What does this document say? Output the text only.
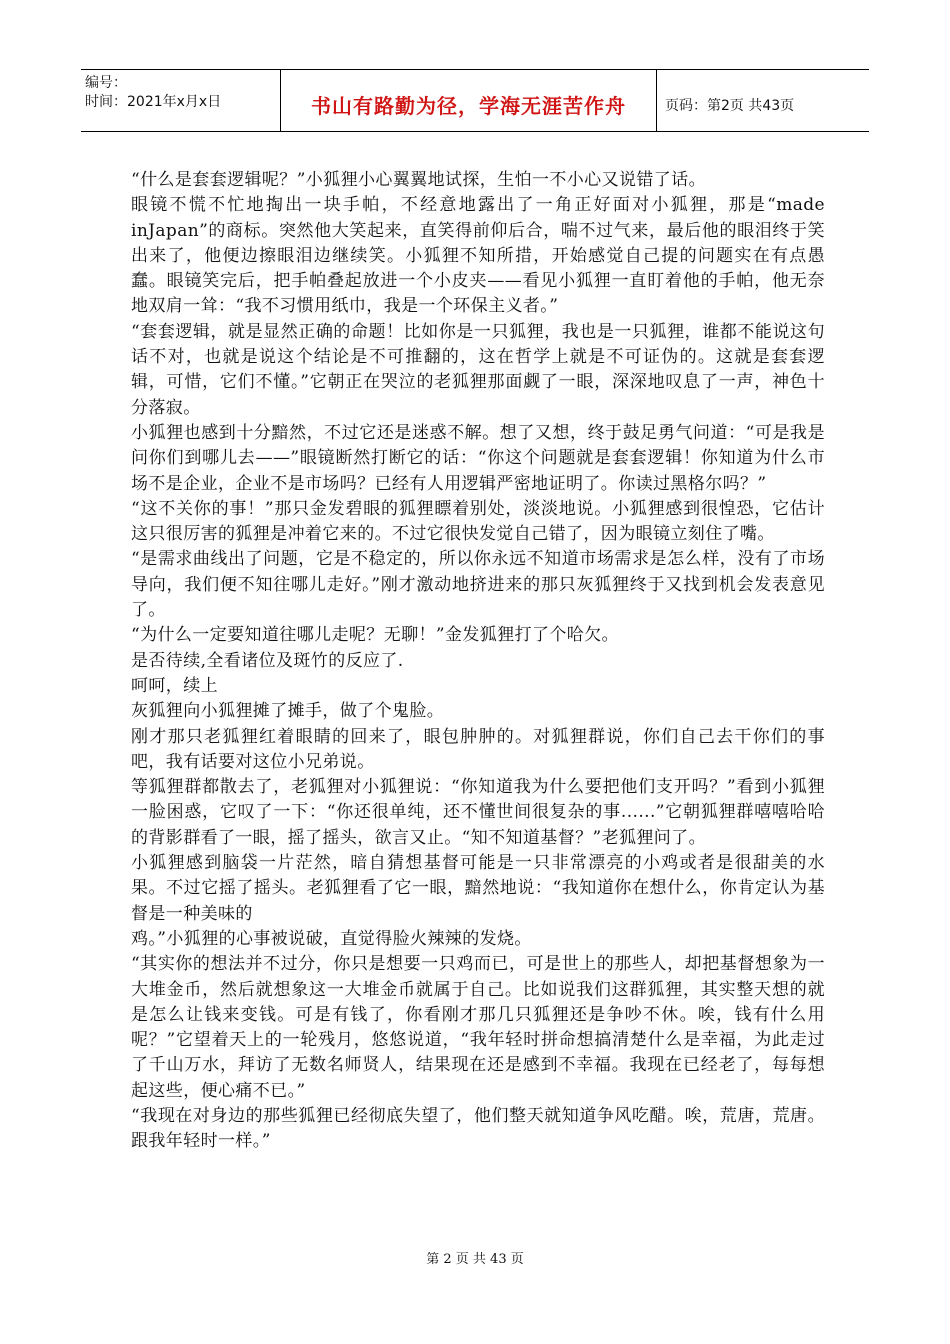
编号：
时间：2021年x月x日	书山有路勤为径，学海无涯苦作舟	页码：第2页 共43页

“什么是套套逻辑呢？”小狐狸小心翼翼地试探，生怕一不小心又说错了话。

眼镜不慌不忙地掏出一块手帕，不经意地露出了一角正好面对小狐狸，那是“made inJapan”的商标。突然他大笑起来，直笑得前仰后合，喘不过气来，最后他的眼泪终于笑出来了，他便边擦眼泪边继续笑。小狐狸不知所措，开始感觉自己提的问题实在有点愚蠢。眼镜笑完后，把手帕叠起放进一个小皮夹——看见小狐狸一直盯着他的手帕，他无奈地双肩一耸：“我不习惯用纸巾，我是一个环保主义者。”

“套套逻辑，就是显然正确的命题！比如你是一只狐狸，我也是一只狐狸，谁都不能说这句话不对，也就是说这个结论是不可推翻的，这在哲学上就是不可证伪的。这就是套套逻辑，可惜，它们不懂。”它朝正在哭泣的老狐狸那面觑了一眼，深深地叹息了一声，神色十分落寂。

小狐狸也感到十分黯然，不过它还是迷惑不解。想了又想，终于鼓足勇气问道：“可是我是问你们到哪儿去——”眼镜断然打断它的话：“你这个问题就是套套逻辑！你知道为什么市场不是企业，企业不是市场吗？已经有人用逻辑严密地证明了。你读过黑格尔吗？”

“这不关你的事！”那只金发碧眼的狐狸瞟着别处，淡淡地说。小狐狸感到很惶恐，它估计这只很厉害的狐狸是冲着它来的。不过它很快发觉自己错了，因为眼镜立刻住了嘴。

“是需求曲线出了问题，它是不稳定的，所以你永远不知道市场需求是怎么样，没有了市场导向，我们便不知往哪儿走好。”刚才激动地挤进来的那只灰狐狸终于又找到机会发表意见了。

“为什么一定要知道往哪儿走呢？无聊！”金发狐狸打了个哈欠。

是否待续,全看诸位及斑竹的反应了.

呵呵，续上

灰狐狸向小狐狸摊了摊手，做了个鬼脸。

刚才那只老狐狸红着眼睛的回来了，眼包肿肿的。对狐狸群说，你们自己去干你们的事吧，我有话要对这位小兄弟说。

等狐狸群都散去了，老狐狸对小狐狸说：“你知道我为什么要把他们支开吗？”看到小狐狸一脸困惑，它叹了一下：“你还很单纯，还不懂世间很复杂的事......”它朝狐狸群嘻嘻哈哈的背影群看了一眼，摇了摇头，欲言又止。“知不知道基督？”老狐狸问了。

小狐狸感到脑袋一片茫然，暗自猜想基督可能是一只非常漂亮的小鸡或者是很甜美的水果。不过它摇了摇头。老狐狸看了它一眼，黯然地说：“我知道你在想什么，你肯定认为基督是一种美味的

鸡。”小狐狸的心事被说破，直觉得脸火辣辣的发烧。

“其实你的想法并不过分，你只是想要一只鸡而已，可是世上的那些人，却把基督想象为一大堆金币，然后就想象这一大堆金币就属于自己。比如说我们这群狐狸，其实整天想的就是怎么让钱来变钱。可是有钱了，你看刚才那几只狐狸还是争吵不休。唉，钱有什么用呢？”它望着天上的一轮残月，悠悠说道，“我年轻时拼命想搞清楚什么是幸福，为此走过了千山万水，拜访了无数名师贤人，结果现在还是感到不幸福。我现在已经老了，每每想起这些，便心痛不已。”

“我现在对身边的那些狐狸已经彻底失望了，他们整天就知道争风吃醋。唉，荒唐，荒唐。跟我年轻时一样。”

第 2 页 共 43 页
